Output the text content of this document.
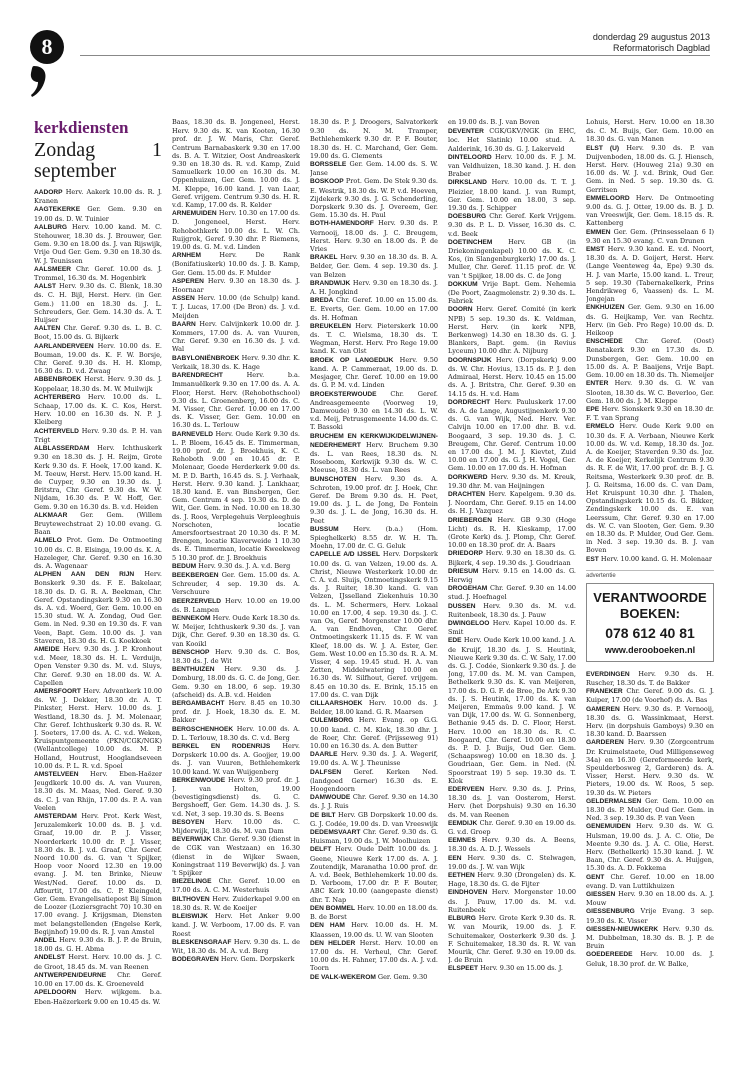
8	donderdag 29 augustus 2013
Reformatorisch Dagblad
kerkdiensten
Zondag 1 september

AADORP Herv. Aakerk 10.00 ds. R. J. Kranen

AAGTEKERKE Ger. Gem. 9.30 en 19.00 ds. D. W. Tuinier

AALBURG Herv. 10.00 kand. M. C. Stehouwer, 18.30 ds. J. Brouwer, Ger. Gem. 9.30 en 18.00 ds. J. van Rijswijk, Vrije Oud Ger. Gem. 9.30 en 18.30 ds. W. J. Teunissen

AALSMEER Chr. Geref. 10.00 ds. J. Trommel, 16.30 ds. M. Hogenbirk

AALST Herv. 9.30 ds. C. Blenk, 18.30 ds. C. H. Bijl, Herst. Herv. (in Ger. Gem.) 11.00 en 18.30 ds. J. L. Schreuders, Ger. Gem. 14.30 ds. A. T. Huijser

AALTEN Chr. Geref. 9.30 ds. L. B. C. Boot, 15.00 ds. G. Bijkerk

AARLANDERVEEN Herv. 10.00 ds. E. Bouman, 19.00 ds. K. F. W. Borsje, Chr. Geref. 9.30 ds. H. H. Klomp, 16.30 ds. D. v.d. Zwaag

ABBENBROEK Herst. Herv. 9.30 ds. J. Koppelaar, 18.30 ds. M. W. Muilwijk

ACHTERBERG Herv. 10.00 ds. L. Schaap, 17.00 ds. K. C. Kos, Herst. Herv. 10.00 en 16.30 ds. N. P. J. Kleiberg

ACHTERVELD Herv. 9.30 ds. P. H. van Trigt

ALBLASSERDAM Herv. Ichthuskerk 9.30 en 18.30 ds. J. H. Reijm, Grote Kerk 9.30 ds. F. Hoek, 17.00 kand. K. M. Teeuw, Herst. Herv. 15.00 kand. H. de Cuyper, 9.30 en 19.30 ds. J. Britstra, Chr. Geref. 9.30 ds. W. W. Nijdam, 16.30 ds. P. W. Hoff, Ger. Gem. 9.30 en 16.30 ds. B. v.d. Heiden

ALKMAAR Ger. Gem. (Willem Bruytewechstraat 2) 10.00 evang. G. Baan

ALMELO Prot. Gem. De Ontmoeting 10.00 ds. C. B. Elsinga, 19.00 ds. K. A. Hazeleger, Chr. Geref. 9.30 en 16.30 ds. A. Wagenaar

ALPHEN AAN DEN RIJN Herv. Bonskerk 9.30 ds. F. E. Bakelaar, 18.30 ds. D. G. R. A. Beekman, Chr. Geref. Opstandingskerk 9.30 en 16.30 ds. A. v.d. Woerd, Ger. Gem. 10.00 en 15.30 stud. W. A. Zondag, Oud Ger. Gem. in Ned. 9.30 en 19.30 ds. F. van Veen, Bapt. Gem. 10.00 ds. J. van Staveren, 18.30 ds. H. G. Koekkoek

AMEIDE Herv. 9.30 ds. J. P. Kronhout v.d. Meer, 18.30 ds. H. L. Verduijn, Open Venster 9.30 ds. M. v.d. Sluys, Chr. Geref. 9.30 en 18.00 ds. W. A. Capellen

AMERSFOORT Herv. Adventkerk 10.00 ds. W. J. Dekker, 18.30 dr. A. T. Pinkster, Herst. Herv. 10.00 ds. J. Westland, 18.30 ds. J. M. Molenaar, Chr. Geref. Ichthuskerk 9.30 ds. R. W. J. Soeters, 17.00 ds. A. C. v.d. Weken, Kruispuntgemeente (PKN/CGK/NGK) (Wellantcollege) 10.00 ds. M. P. Holland, Houtrust, Hooglandseveen 10.00 ds. P. L. R. v.d. Spoel

AMSTELVEEN Herv. Eben-Haëzer Jeugdkerk 10.00 ds. A. van Vuuren, 18.30 ds. M. Maas, Ned. Geref. 9.30 ds. C. J. van Rhijn, 17.00 ds. P. A. van Veelen

AMSTERDAM Herv. Prot. Kerk West, Jeruzalemkerk 10.00 ds. B. J. v.d. Graaf, 19.00 dr. P. J. Visser, Noorderkerk 10.00 dr. P. J. Visser, 18.30 ds. B. J. v.d. Graaf, Chr. Geref. Noord 10.00 ds. G. van 't Spijker, Hoop voor Noord 12.30 en 19.00 evang. J. M. ten Brinke, Nieuw West/Ned. Geref. 10.00 ds. D. Affourtit, 17.00 ds. C. P. Kleingeld, Ger. Gem. Evangelisatiepost Bij Simon de Loozer (Loziersgracht 70) 10.30 en 17.00 evang. J. Krijgsman, Diensten met belangstellenden (Engelse Kerk, Begijnhof) 19.00 ds. R. J. van Amstel

ANDEL Herv. 9.30 ds. B. J. P. de Bruin, 18.00 ds. G. H. Abma

ANDELST Herst. Herv. 10.00 ds. J. C. de Groot, 18.45 ds. M. van Reenen

ANTWERPEN/DEURNE Chr. Geref. 10.00 en 17.00 ds. K. Groeneveld

APELDOORN Herv. wijkgem. b.a. Eben-Haëzerkerk 9.00 en 10.45 ds. W.

Baas, 18.30 ds. B. Jongeneel, Herst. Herv. 9.30 ds. K. van Kooten, 16.30 prof. dr. J. W. Maris, Chr. Geref. Centrum Barnabaskerk 9.30 en 17.00 ds. B. A. T. Witzier, Oost Andreaskerk 9.30 en 18.30 ds. R. v.d. Kamp, Zuid Samuelkerk 10.00 en 16.30 ds. M. Oppenhuizen, Ger. Gem. 10.00 ds. J. M. Kleppe, 16.00 kand. J. van Laar, Geref. vrijgem. Centrum 9.30 ds. H. R. v.d. Kamp, 17.00 ds. R. Kelder

ARNEMUIDEN Herv. 10.30 en 17.00 ds. D. Jongeneel, Herst. Herv. Rehobothkerk 10.00 ds. L. W. Ch. Ruijgrok, Geref. 9.30 dhr. P. Riemens, 19.00 ds. G. M. v.d. Linden

ARNHEM	Herv. De Rank (Bonifatiuskerk) 10.00 ds. J. B. Kamp, Ger. Gem. 15.00 ds. F. Mulder

ASPEREN Herv. 9.30 en 18.30 ds. J. Hoornaar

ASSEN Herv. 10.00 (de Schulp) kand. T. J. Lucas, 17.00 (De Bron) ds. J. v.d. Meijden

BAARN Herv. Calvijnkerk 10.00 dr. J. Kommers, 17.00 ds. A. van Vuuren, Chr. Geref. 9.30 en 16.30 ds. J. v.d. Wal

BABYLONIËNBROEK Herv. 9.30 dhr. K. Verkaik, 18.30 ds. K. Hage

BARENDRECHT	Herv. b.a. Immanuëlkerk 9.30 en 17.00 ds. A. A. Floor, Herst. Herv. (Rehobothschool) 9.30 ds. L. Groenenberg, 16.00 ds. C. M. Visser, Chr. Geref. 10.00 en 17.00 ds. K. Visser, Ger. Gem. 10.00 en 16.30 ds. L. Terlouw

BARNEVELD Herv. Oude Kerk 9.30 ds. L. P. Bloem, 16.45 ds. E. Timmerman, 19.00 prof. dr. J. Broekhuis, K. C. Rehoboth 9.00 en 10.45 dr. P. Molenaar, Goede Herderkerk 9.00 ds. M. P. D. Barth, 16.45 ds. S. J. Verhaak, Herst. Herv. 9.30 kand. J. Lankhaar, 18.30 kand. E. van Binsbergen, Ger. Gem. Centrum 4 sep. 19.30 ds. D. de Wit, Ger. Gem. in Ned. 10.00 en 18.30 ds. J. Roos, Verplegehuis Verpleeghuis Norschoten, locatie Amersfoortsestraat 20 10.30 ds. P. M. Brengen, locatie Klaverweide 1 10.30 ds. E. Timmerman, locatie Kweekweg 5 10.30 prof. dr. J. Broekhuis

BEDUM Herv. 9.30 ds. J. A. v.d. Berg

BEEKBERGEN Ger. Gem. 15.00 ds. A. Schreuder, 4 sep. 19.30 ds. A. Verschuure

BEERZERVELD Herv. 10.00 en 19.00 ds. B. Lampen

BENNEKOM Herv. Oude Kerk 18.30 ds. W. Meijer, Ichthuskerk 9.30 ds. J. van Dijk, Chr. Geref. 9.30 en 18.30 ds. G. van Kooikl

BENSCHOP Herv. 9.30 ds. C. Bos, 18.30 ds. J. de Wit

BENTHUIZEN Herv. 9.30 ds. J. Domburg, 18.00 ds. G. C. de Jong, Ger. Gem. 9.30 en 18.00, 6 sep. 19.30 (afscheid) ds. A.B. v.d. Heiden

BERGAMBACHT Herv. 8.45 en 10.30 prof. dr. J. Hoek, 18.30 ds. E. M. Bakker

BERGSCHENHOEK Herv. 10.00 ds. A. D. L. Terlouw, 18.30 ds. C. v.d. Berg

BERKEL EN RODENRIJS Herv. Dorpskerk 10.00 ds. A. Goojjer, 19.00 ds. J. van Vuuren, Bethlehemkerk 10.00 kand. W. van Wuijgenberg

BERKENWOUDE Herv. 9.30 prof. dr. J. J. van Holten, 19.00 (bevestigingsdienst) ds. G. C. Bergshoeff, Ger. Gem. 14.30 ds. J. S. v.d. Net, 3 sep. 19.30 ds. S. Beens

BESOYEN Herv. 10.00 ds. C. Mijderwijk, 18.30 ds. M. van Dam

BEVERWIJK Chr. Geref. 9.30 (dienst in de CGK van Westzaan) en 16.30 (dienst in de Wijker Swaen, Koningstraat 119 Beverwijk) ds. J. van 't Spijker

BIEZELINGE Chr. Geref. 10.00 en 17.00 ds. A. C. M. Westerhuis

BILTHOVEN Herv. Zuiderkapel 9.00 en 18.30 ds. R. W. de Koeijer

BLEISWIJK Herv. Het Anker 9.00 kand. J. W. Verboom, 17.00 ds. F. van Roest

BLESKENSGRAAF Herv. 9.30 ds. L. de Wit, 18.30 ds. M. A. v.d. Berg

BODEGRAVEN Herv. Gem. Dorpskerk

18.30 ds. P. J. Droogers, Salvatorkerk 9.30 ds. N. M. Tramper, Bethlehemkerk 9.30 dr. P. F. Bouter, 18.30 ds. H. C. Marchand, Ger. Gem. 19.00 ds. G. Clements

BORSSELE Ger. Gem. 14.00 ds. S. W. Janse

BOSKOOP Prot. Gem. De Stek 9.30 ds. E. Westrik, 18.30 ds. W. P. v.d. Hoeven, Zijdekerk 9.30 ds. J. G. Schenderling, Dorpskerk 9.30 ds. J. Overeem, Ger. Gem. 15.30 ds. H. Paul

BOTH-HAMENDORF Herv. 9.30 ds. P. Vernooij, 18.00 ds. J. C. Breugem, Herst. Herv. 9.30 en 18.00 ds. P. de Vries

BRAKEL Herv. 9.30 en 18.30 ds. B. A. Belder, Ger. Gem. 4 sep. 19.30 ds. J. van Belzen

BRANDWIJK Herv. 9.30 en 18.30 ds. J. A. H. Jongkind

BREDA Chr. Geref. 10.00 en 15.00 ds. E. Everts, Ger. Gem. 10.00 en 17.00 ds. H. Hofman

BREUKELEN Herv. Pieterskerk 10.00 ds. T. C. Wielsma, 18.30 ds. T. Wegman, Herst. Herv. Pro Rege 19.00 kand. K. van Olst

BROEK OP LANGEDIJK Herv. 9.50 kand. A. P. Cammeraat, 19.00 ds. D. Mesjager, Chr. Geref. 10.00 en 19.00 ds. G. P. M. v.d. Linden

BROEKSTERWOUDE Chr. Geref. Andreasgemeente (Voorweg 19, Damwoude) 9.30 en 14.30 ds. L. W. v.d. Meij, Petrusgemeente 14.00 ds. C. T. Bassoki

BRUCHEM EN KERKWIJK/DELWIJNEN-NEDERHEMERT Herv. Bruchem 9.30 ds. L. van Rees, 18.30 ds. N. Roseboom, Kerkwijk 9.30 ds. W. C. Meeuse, 18.30 ds. L. van Rees

BUNSCHOTEN Herv. 9.30 ds. A. Schroten, 19.00 prof. dr. J. Hoek, Chr. Geref. De Brem 9.30 ds. H. Peet, 19.00 ds. J. L. de Jong, De Fontein 9.30 ds. J. L. de Jong, 16.30 ds. H. Peet

BUSSUM Herv. (b.a.) (Hom. Spieghelkerk) 8.55 dr. W. H. Th. Moehn, 17.00 dr. C. G. Geluk

CAPELLE A/D IJSSEL Herv. Dorpskerk 10.00 ds. G. van Velzen, 19.00 ds. A. Christ, Nieuwe Westerkerk 10.00 dr. C. A. v.d. Sluijs, Ontmoetingskerk 9.15 ds. J. Ruiter, 18.30 kand. G. van Velzen, IJsselland Ziekenhuis 10.30 ds. L. M. Schermers, Herv. Lokaal 10.00 en 17.00, 4 sep. 19.30 ds. J. C. van Os, Geref. Morgenster 10.00 dhr. A. van Endhoven, Chr. Geref. Ontmoetingskerk 11.15 ds. F. W. van Kleef, 18.00 ds. W. J. A. Ester, Ger. Gem. West 10.00 en 15.30 ds. R. A. M. Visser, 4 sep. 19.45 stud. H. A. van Zetten, Middelwatering 10.00 en 16.30 ds. W. Silfhout, Geref. vrijgem. 8.45 en 10.30 ds. E. Brink, 15.15 en 17.00 ds. C. van Dijk

CILLAARSHOEK Herv. 10.00 ds. J. Belder, 18.00 kand. G. R. Maarsen

CULEMBORG Herv. Evang. op G.G. 10.00 kand. C. M. Klok, 18.30 dhr. J. de Roer, Chr. Geref. (Prijsseweg 91) 10.00 en 16.30 ds. A. den Butter

DAARLE Herv. 9.30 ds. J. A. Wegerif, 19.00 ds. A. W. J. Theunisse

DALFSEN Geref. Kerken Ned. (landgoed Gerner) 16.30 ds. E. Hoogendoorn

DAMWOUDE Chr. Geref. 9.30 en 14.30 ds. J. J. Ruis

DE BILT Herv. GB Dorpskerk 10.00 ds. G. J. Codée, 19.00 ds. D. van Vreeswijk

DEDEMSVAART Chr. Geref. 9.30 ds. G. Huisman, 19.00 ds. J. W. Moolhuizen

DELFT Herv. Oude Delft 10.00 ds. J. Geene, Nieuwe Kerk 17.00 ds. A. J. Zoutendijk, Maranatha 10.00 prof. dr. A. v.d. Beek, Bethlehemkerk 10.00 ds. D. Verboom, 17.00 dr. P. F. Bouter, ABC Kerk 10.00 (aangepaste dienst) dhr. T. Nap

DEN BOMMEL Herv. 10.00 en 18.00 ds. B. de Borst

DEN HAM Herv. 10.00 ds. H. M. Klaassen, 19.00 ds. U. W. van Slooten

DEN HELDER Herst. Herv. 10.00 en 17.00 ds. H. Verheul, Chr. Geref. 10.00 ds. H. Fahner, 17.00 ds. A. J. v.d. Toorn

DE VALK-WEKEROM Ger. Gem. 9.30

en 19.00 ds. B. J. van Boven

DEVENTER CGK/GKV/NGK (in EHC, loc. Het Slatink) 10.00 stud. A. Aalderink, 16.30 ds. G. J. Lakerveld

DINTELOORD Herv. 10.00 ds. F. J. M. van Veldhuizen, 18.30 kand. J. H. den Braber

DIRKSLAND Herv. 10.00 ds. T. T. J. Pleizier, 18.00 kand. J. van Rumpt, Ger. Gem. 10.00 en 18.00, 3 sep. 19.30 ds. J. Schipper

DOESBURG Chr. Geref. Kerk Vrijgem. 9.30 ds. P. L. D. Visser, 16.30 ds. C. v.d. Beek

DOETINCHEM Herv. GB (in Driekoningenkapel) 10.00 ds. K. C. Kos, (in Slangenburgkerk) 17.00 ds. J. Muller, Chr. Geref. 11.15 prof. dr. W. van 't Spijker, 18.00 ds. C. de Jong

DOKKUM Vrije Bapt. Gem. Nehemia (De Poort, Zaagmolenstr. 2) 9.30 ds. L. Fabriek

DOORN Herv. Geref. Comité (in kerk NPB) 5 sep. 19.30 ds. K. Veldman, Herst. Herv. (in kerk NPB, Berkenweg) 14.30 en 18.30 ds. G. J. Blankers, Bapt. gem. (in Revius Lyceum) 10.00 dhr. A. Nijburg

DOORNSPIJK Herv. (Dorpskerk) 9.00 ds. W. Chr. Hovius, 13.15 ds. P. J. den Admiraal, Herst. Herv. 10.45 en 15.00 ds. A. J. Britstra, Chr. Geref. 9.30 en 14.15 ds. H. v.d. Ham

DORDRECHT Herv. Pauluskerk 17.00 ds. A. de Lange, Augustijnenkerk 9.30 ds. G. van Wijk, Ned. Herv. Ver. Calvijn 10.00 en 17.00 dhr. B. v.d. Boogaard, 3 sep. 19.30 ds. J. C. Breugem, Chr. Geref. Centrum 10.00 en 17.00 ds. J. M. J. Kievtet, Zuid 10.00 en 17.00 ds. G. J. H. Vogel, Ger. Gem. 10.00 en 17.00 ds. H. Hofman

DORKWERD Herv. 9.30 ds. M. Kreuk, 19.30 dhr. M. van Heijningen

DRACHTEN Herv. Kapelgem. 9.30 ds. J. Noordam, Chr. Geref. 9.15 en 14.00 ds. H. J. Vazquez

DRIEBERGEN Herv. GB 9.30 (Hoge Licht) ds. R. H. Kieskamp, 17.00 (Grote Kerk) ds. J. Plomp, Chr. Geref. 10.00 en 18.30 prof. dr. A. Baars

DRIEDORP Herv. 9.30 en 18.30 ds. G. Bijkerk, 4 sep. 19.30 ds. J. Goudriaan

DRIESUM Herv. 9.15 en 14.00 ds. G. Herwig

DROGEHAM Chr. Geref. 9.30 en 14.00 stud. J. Hoefnagel

DUSSEN Herv. 9.30 ds. M. v.d. Ruitenbeek, 18.30 ds. J. Pauw

DWINGELOO Herv. Kapel 10.00 ds. F. Smit

EDE Herv. Oude Kerk 10.00 kand. J. A. de Kruijf, 18.30 ds. J. S. Heutink, Nieuwe Kerk 9.30 ds. C. W. Saly, 17.00 ds. G. J. Codée, Sionkerk 9.30 ds. J. de Jong, 17.00 ds. M. M. van Campen, Bethelkerk 9.30 ds. K. van Meijeren, 17.00 ds. D. G. F. de Bree, De Ark 9.30 ds. J. S. Heutink, 17.00 ds. K. van Meijeren, Emmaüs 9.00 kand. J. W. van Dijk, 17.00 ds. W. G. Sonnenberg, Bethanie 9.45 ds. D. C. Floor, Herst. Herv. 10.00 en 18.30 ds. R. C. Boogaard, Chr. Geref. 10.00 en 18.30 ds. P. D. J. Buijs, Oud Ger. Gem. (Schaapsweg) 10.00 en 18.30 ds. J. Goudriaan, Ger. Gem. in Ned. (N. Spoorstraat 19) 5 sep. 19.30 ds. T. Klok

EDERVEEN Herv. 9.30 ds. J. Prins, 18.30 ds. J. van Oosterom, Herst. Herv. (het Dorpshuis) 9.30 en 16.30 ds. M. van Reenen

EEMDIJK Chr. Geref. 9.30 en 19.00 ds. G. v.d. Groep

EEMNES Herv. 9.30 ds. A. Beens, 18.30 ds. A. D. J. Wessels

EEN Herv. 9.30 ds. C. Stelwagen, 19.00 ds. J. W. van Wijk

EETHEN Herv. 9.30 (Drongelen) ds. K. Hage, 18.30 ds. G. de Fijter

EINDHOVEN Herv. Morgenster 10.00 ds. J. Pauw, 17.00 ds. M. v.d. Ruitenbeek

ELBURG Herv. Grote Kerk 9.30 ds. R. W. van Mourik, 19.00 ds. J. F. Schuitemaker, Oosterkerk 9.30 ds. J. F. Schuitemaker, 18.30 ds. R. W. van Mourik, Chr. Geref. 9.30 en 19.00 ds. J. de Bruin

ELSPEET Herv. 9.30 en 15.00 ds. J.

Lohuis, Herst. Herv. 10.00 en 18.30 ds. C. M. Buijs, Ger. Gem. 10.00 en 18.30 ds. G. van Manen

ELST (U) Herv. 9.30 ds. P. van Duijvenboden, 18.00 ds. G. J. Hiensch, Herst. Herv. (Houweg 21a) 9.30 en 16.00 ds. W. J. v.d. Brink, Oud Ger. Gem. in Ned. 5 sep. 19.30 ds. G. Gerritsen

EMMELOORD Herv. De Ontmoeting 9.00 ds. G. J. Otter, 19.00 ds. B. J. D. van Vreeswijk, Ger. Gem. 18.15 ds. R. Kattenberg

EMMEN Ger. Gem. (Prinsesselaan 6 I) 9.30 en 15.30 evang. C. van Drunen

EMST Herv. 9.30 kand. E. v.d. Noort, 18.30 ds. A. D. Goijert, Herst. Herv. (Lange Veenteweg 4a, Epe) 9.30 ds. H. J. van Marle, 15.00 kand. L. Treur, 5 sep. 19.30 (Tabernakelkerk, Prins Hendrikweg 6, Vaassen) ds. L. M. Jongejan

ENKHUIZEN Ger. Gem. 9.30 en 16.00 ds. G. Heijkamp, Ver. van Rechtz. Herv. (in Geb. Pro Rege) 10.00 ds. D. Heikoop

ENSCHEDE Chr. Geref. (Oost) Renatakerk 9.30 en 17.30 ds. D. Dunsbergen, Ger. Gem. 10.00 en 15.00 ds. A. P. Baaijens, Vrije Bapt. Gem. 10.00 en 18.30 ds. Th. Niemeijer

ENTER Herv. 9.30 ds. G. W. van Slooten, 18.30 ds. W. C. Beverloo, Ger. Gem. 18.00 ds. J. M. Kleppe

EPE Herv. Sionskerk 9.30 en 18.30 dr. F. T. van Sprang

ERMELO Herv. Oude Kerk 9.00 en 10.30 ds. F. A. Verbaan, Nieuwe Kerk 10.00 ds. W. v.d. Kemp, 18.30 ds. Joz. A. de Koeijer, Staverden 9.30 ds. Joz. A. de Koeijer, Kerkelijk Centrum 9.30 ds. R. F. de Wit, 17.00 prof. dr. B. J. G. Reitsma, Westerkerk 9.30 prof. dr. B. J. G. Reitsma, 16.00 ds. C. van Dam, Het Kruispunt 10.30 dhr. J. Thalen, Opstandingskerk 10.15 ds. G. Bikker, Zendingskerk 10.00 ds. E. van Leerssum, Chr. Geref. 9.30 en 17.00 ds. W. C. van Slooten, Ger. Gem. 9.30 en 18.30 ds. P. Mulder, Oud Ger. Gem. in Ned. 3 sep. 19.30 ds. B. J. van Boven

EST Herv. 10.00 kand. G. H. Molenaar

advertentie
VERANTWOORDE BOEKEN:
078 612 40 81
www.derooboeken.nl

EVERDINGEN Herv. 9.30 ds. H. Ruscher, 18.30 ds. T. de Bakker

FRANEKER Chr. Geref. 9.00 ds. G. J. Kuiper, 17.00 (de Voorhof) ds. A. Bas

GAMEREN Herv. 9.30 ds. P. Vernooij, 18.30 ds. G. Wassinkmaat, Herst. Herv. (in dorpshuis Gamboys) 9.30 en 18.30 kand. D. Baarssen

GARDEREN Herv. 9.30 (Zorgcentrum Dr. Kruimelstaete, Oud Milligenseweg 34a) en 16.30 (Gereformeerde kerk, Speulderbosweg 2, Garderen) ds. A. Visser, Herst. Herv. 9.30 ds. W. Pieters, 19.00 ds. W. Roos, 5 sep. 19.30 ds. W. Pieters

GELDERMALSEN Ger. Gem. 10.00 en 18.30 ds. P. Mulder, Oud Ger. Gem. in Ned. 3 sep. 19.30 ds. P. van Veen

GENEMUIDEN Herv. 9.30 ds. W. G. Hulsman, 19.00 ds. J. A. C. Olie, De Meente 9.30 ds. J. A. C. Olie, Herst. Herv. (Bethelkerk) 15.30 kand. J. W. Baan, Chr. Geref. 9.30 ds. A. Huijgen, 15.30 ds. A. D. Fokkema

GENT Chr. Geref. 10.00 en 18.00 evang. D. van Luttikhuizen

GIESSEN Herv. 9.30 en 18.00 ds. A. J. Mouw

GIESSENBURG Vrije Evang. 3 sep. 19.30 ds. K. Visser

GIESSEN-NIEUWKERK Herv. 9.30 ds. M. Dubbelman, 18.30 ds. B. J. P. de Bruin

GOEDEREEDE Herv. 10.00 ds. J. Geluk, 18.30 prof. dr. W. Balke,
